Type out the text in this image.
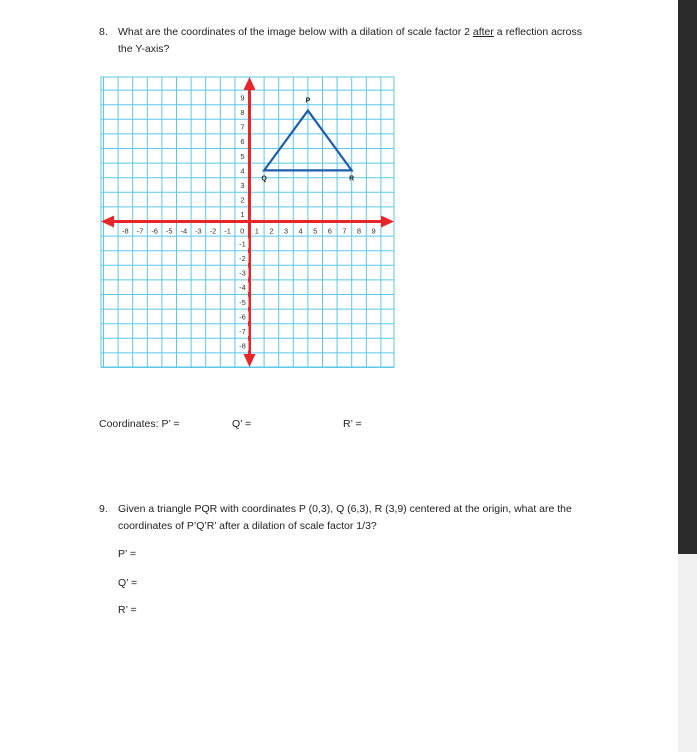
8. What are the coordinates of the image below with a dilation of scale factor 2 after a reflection across
the Y-axis?
-8 -7 -6 -5 -4 -3 -2 -1 0 1 2 3 4 5 6 7 8 9
9
8
7
6
5
4
3
2
1
-1
-2
-3
-4
-5
-6
-7
-8
P
Q	R
Coordinates: P’ =	Q’ =	R’ =
9. Given a triangle PQR with coordinates P (0,3), Q (6,3), R (3,9) centered at the origin, what are the
coordinates of P’Q’R’ after a dilation of scale factor 1/3?
P’ =
Q’ =
R’ =
